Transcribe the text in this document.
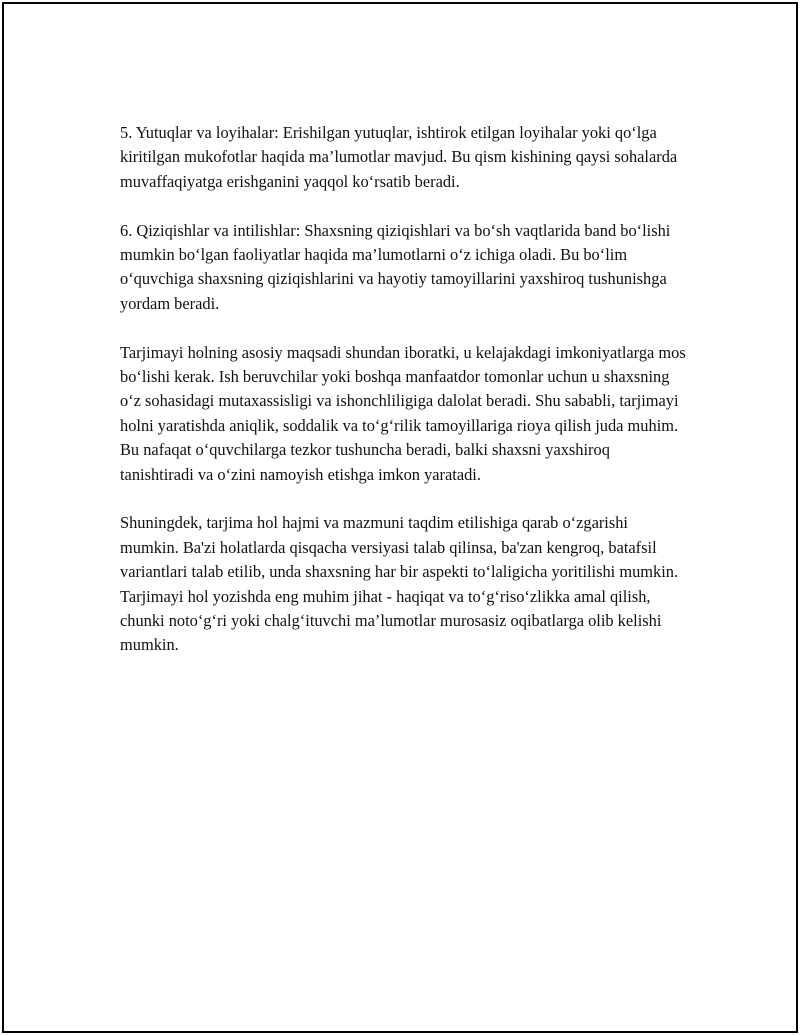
5. Yutuqlar va loyihalar: Erishilgan yutuqlar, ishtirok etilgan loyihalar yoki qo‘lga kiritilgan mukofotlar haqida ma’lumotlar mavjud. Bu qism kishining qaysi sohalarda muvaffaqiyatga erishganini yaqqol ko‘rsatib beradi.

6. Qiziqishlar va intilishlar: Shaxsning qiziqishlari va bo‘sh vaqtlarida band bo‘lishi mumkin bo‘lgan faoliyatlar haqida ma’lumotlarni o‘z ichiga oladi. Bu bo‘lim o‘quvchiga shaxsning qiziqishlarini va hayotiy tamoyillarini yaxshiroq tushunishga yordam beradi.

Tarjimayi holning asosiy maqsadi shundan iboratki, u kelajakdagi imkoniyatlarga mos bo‘lishi kerak. Ish beruvchilar yoki boshqa manfaatdor tomonlar uchun u shaxsning o‘z sohasidagi mutaxassisligi va ishonchliligiga dalolat beradi. Shu sababli, tarjimayi holni yaratishda aniqlik, soddalik va to‘g‘rilik tamoyillariga rioya qilish juda muhim. Bu nafaqat o‘quvchilarga tezkor tushuncha beradi, balki shaxsni yaxshiroq tanishtiradi va o‘zini namoyish etishga imkon yaratadi.

Shuningdek, tarjima hol hajmi va mazmuni taqdim etilishiga qarab o‘zgarishi mumkin. Ba'zi holatlarda qisqacha versiyasi talab qilinsa, ba'zan kengroq, batafsil variantlari talab etilib, unda shaxsning har bir aspekti to‘laligicha yoritilishi mumkin. Tarjimayi hol yozishda eng muhim jihat - haqiqat va to‘g‘riso‘zlikka amal qilish, chunki noto‘g‘ri yoki chalg‘ituvchi ma’lumotlar murosasiz oqibatlarga olib kelishi mumkin.
